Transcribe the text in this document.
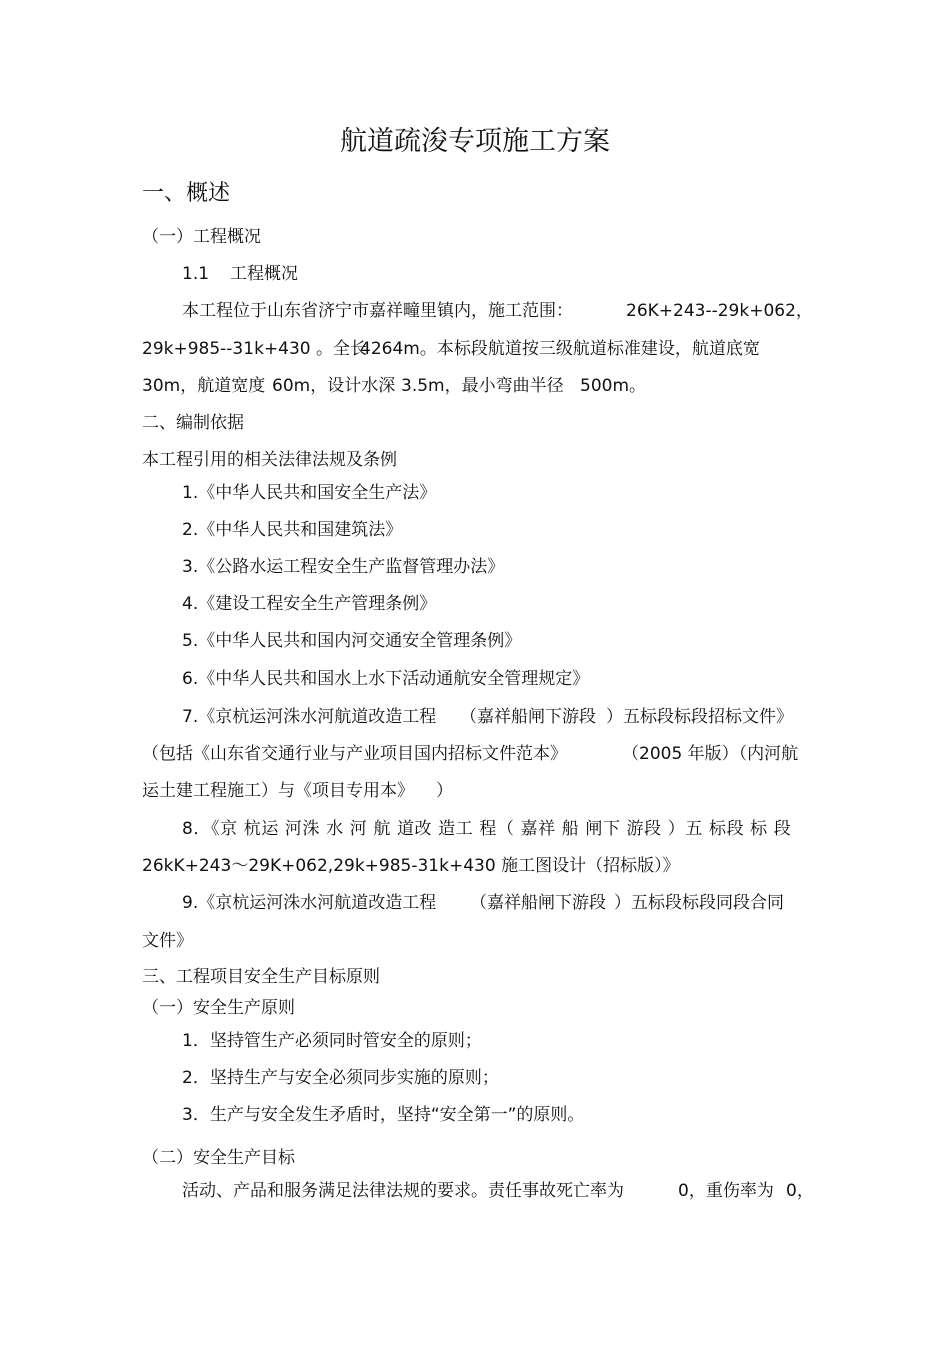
航道疏浚专项施工方案
一、概述
（一）工程概况
1.1 工程概况
本工程位于山东省济宁市嘉祥疃里镇内，施工范围：	26K+243--29k+062，
29k+985--31k+430 。全长
4264m。本标段航道按三级航道标准建设，航道底宽
30m，航道宽度 60m，设计水深 3.5m，最小弯曲半径 500m。
二、编制依据
本工程引用的相关法律法规及条例
1.《中华人民共和国安全生产法》
2.《中华人民共和国建筑法》
3.《公路水运工程安全生产监督管理办法》
4.《建设工程安全生产管理条例》
5.《中华人民共和国内河交通安全管理条例》
6.《中华人民共和国水上水下活动通航安全管理规定》
7.《京杭运河洙水河航道改造工程 （嘉祥船闸下游段 ）五标段标段招标文件》
（包括《山东省交通行业与产业项目国内招标文件范本》	（2005 年版）（内河航
运土建工程施工）与《项目专用本》 ）
8．《京 杭运 河洙 水 河 航 道改 造工 程（ 嘉祥 船 闸下 游段 ）五 标段 标 段
26kK+243～29K+062,29k+985-31k+430 施工图设计（招标版）》
9.《京杭运河洙水河航道改造工程 （嘉祥船闸下游段 ）五标段标段同段合同
文件》
三、工程项目安全生产目标原则
（一）安全生产原则
1．坚持管生产必须同时管安全的原则；
2．坚持生产与安全必须同步实施的原则；
3．生产与安全发生矛盾时，坚持“安全第一”的原则。
（二）安全生产目标
活动、产品和服务满足法律法规的要求。责任事故死亡率为	0，重伤率为 0，
